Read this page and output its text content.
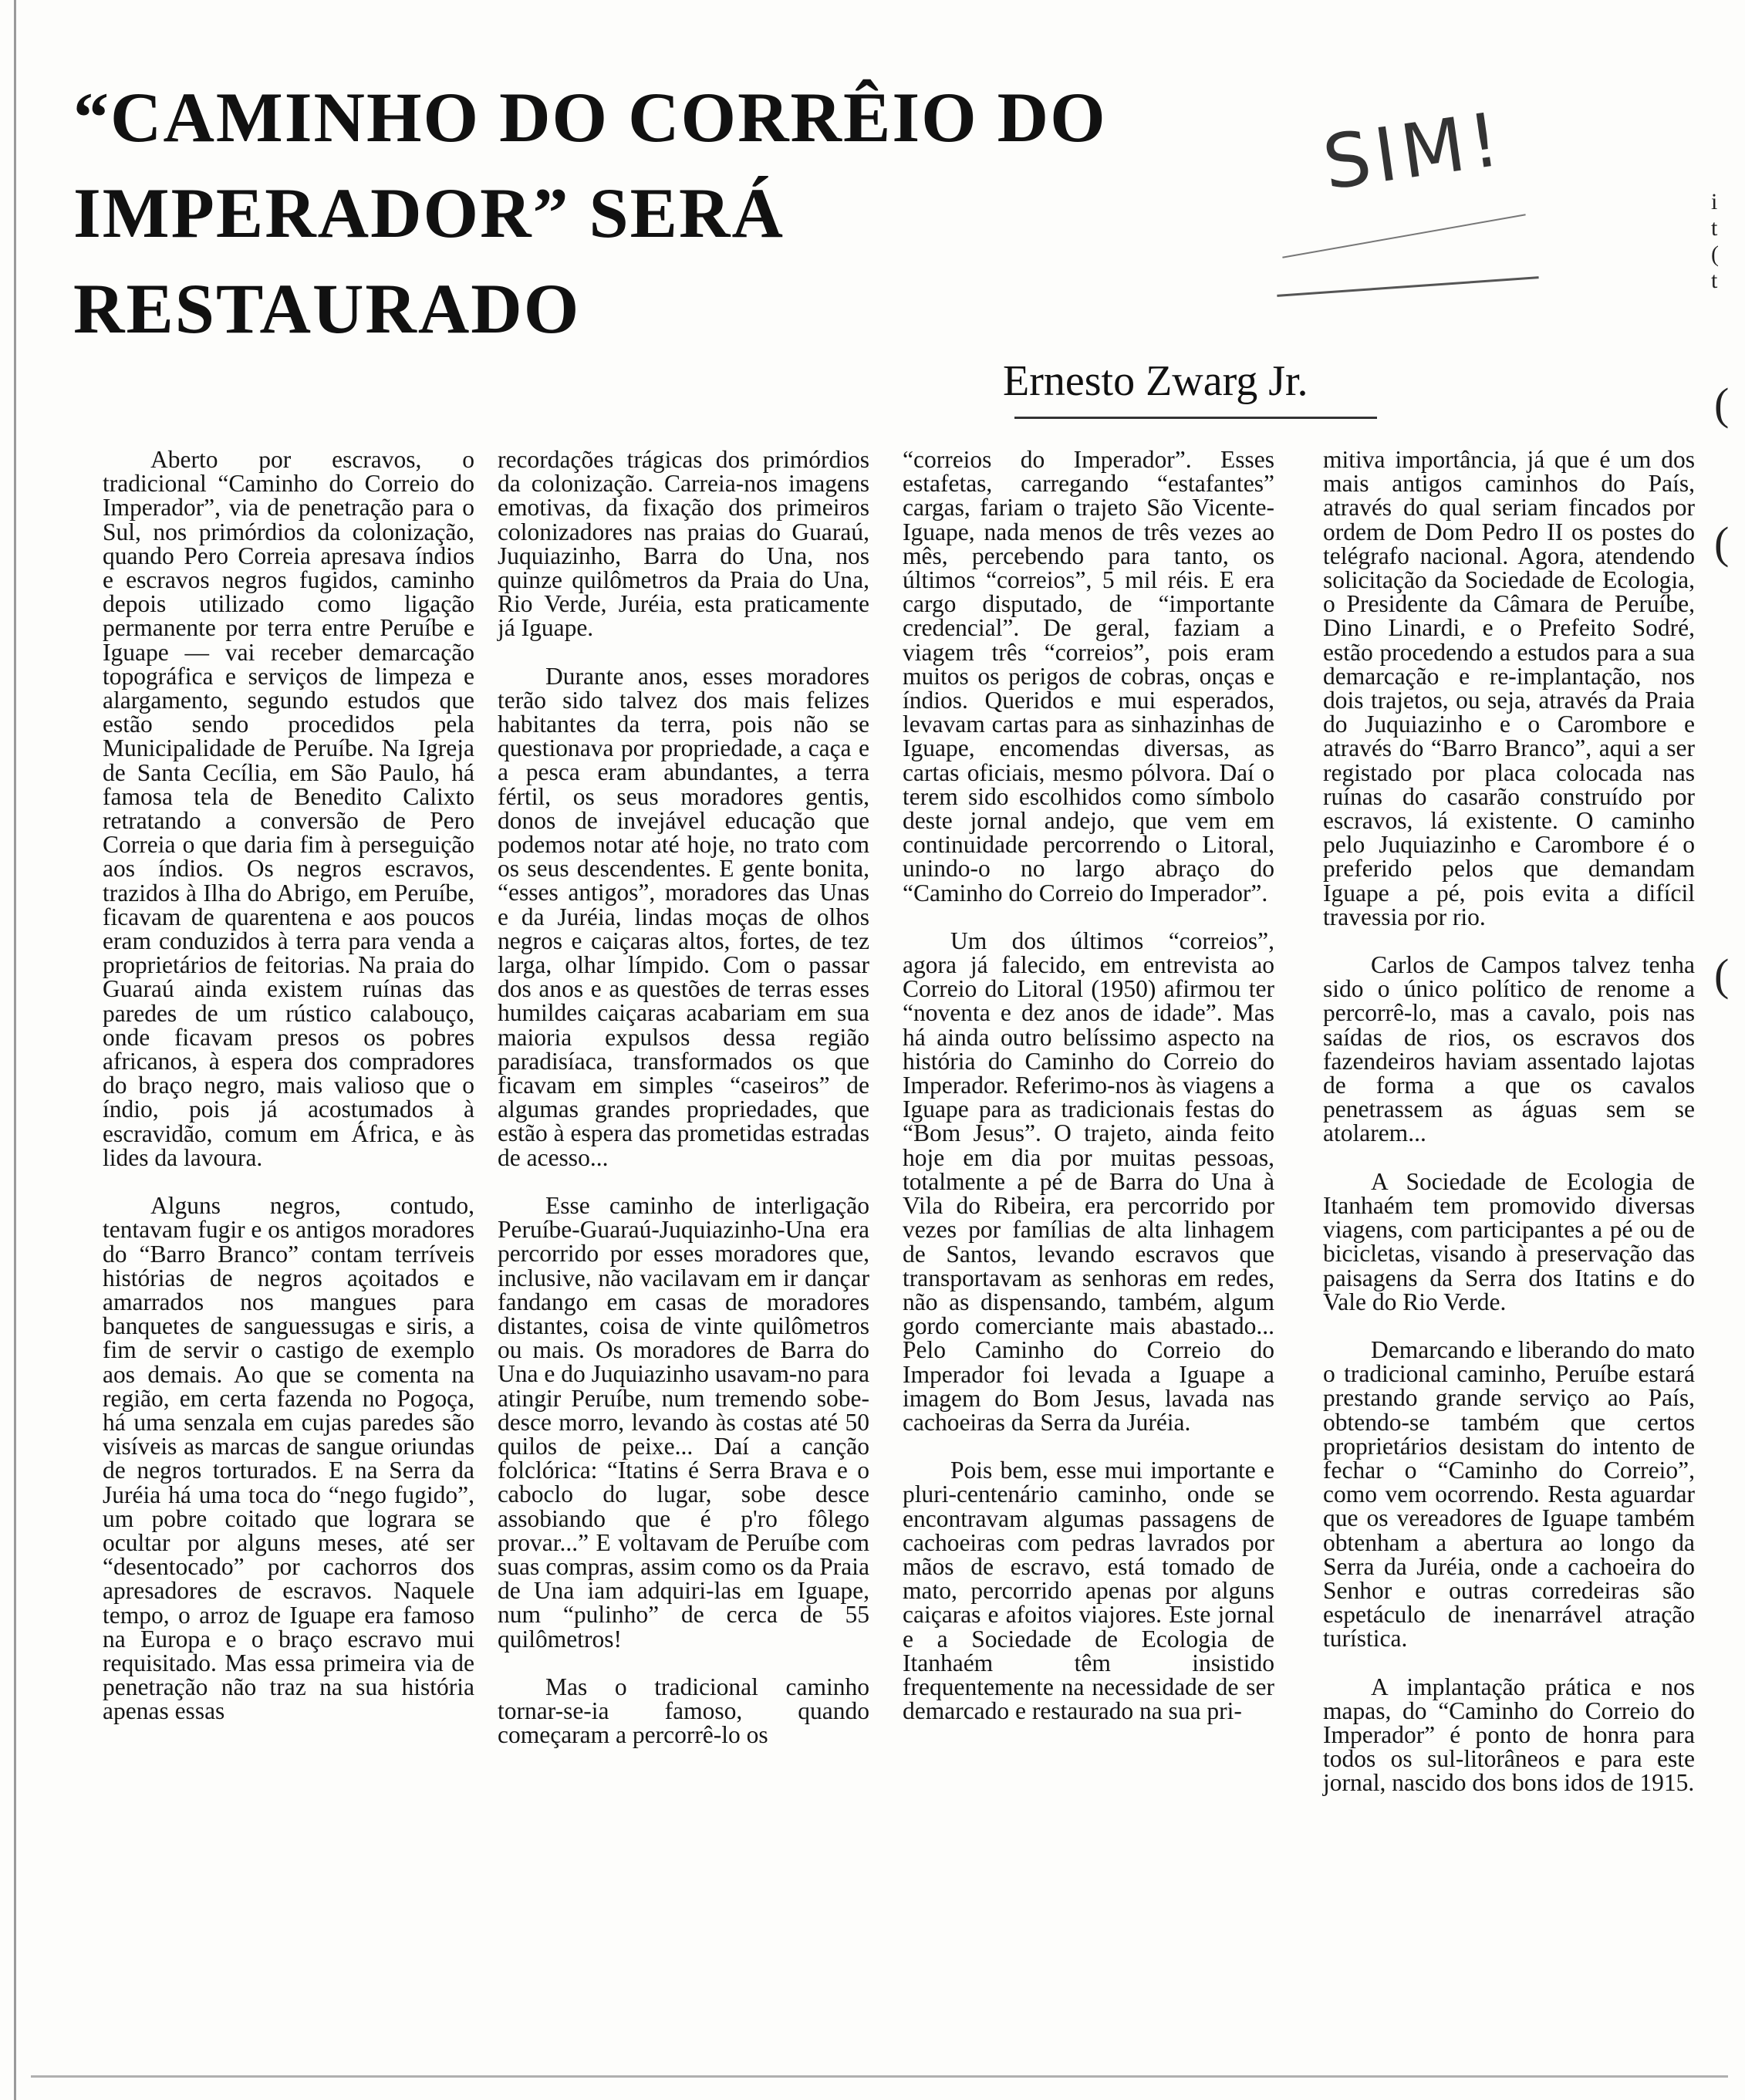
“CAMINHO DO CORRÊIO DO
IMPERADOR” SERÁ
RESTAURADO
SIM!
Ernesto Zwarg Jr.
i
t
(
t
(
(
(

Aberto por escravos, o tradicional “Caminho do Correio do Imperador”, via de penetração para o Sul, nos primórdios da colonização, quando Pero Correia apresava índios e escravos negros fugidos, caminho depois utilizado como ligação permanente por terra entre Peruíbe e Iguape — vai receber demarcação topográfica e serviços de limpeza e alargamento, segundo estudos que estão sendo procedidos pela Municipalidade de Peruíbe. Na Igreja de Santa Cecília, em São Paulo, há famosa tela de Benedito Calixto retratando a conversão de Pero Correia o que daria fim à perseguição aos índios. Os negros escravos, trazidos à Ilha do Abrigo, em Peruíbe, ficavam de quarentena e aos poucos eram conduzidos à terra para venda a proprietários de feitorias. Na praia do Guaraú ainda existem ruínas das paredes de um rústico calabouço, onde ficavam presos os pobres africanos, à espera dos compradores do braço negro, mais valioso que o índio, pois já acostumados à escravidão, comum em África, e às lides da lavoura.

Alguns negros, contudo, tentavam fugir e os antigos moradores do “Barro Branco” contam terríveis histórias de negros açoitados e amarrados nos mangues para banquetes de sanguessugas e siris, a fim de servir o castigo de exemplo aos demais. Ao que se comenta na região, em certa fazenda no Pogoça, há uma senzala em cujas paredes são visíveis as marcas de sangue oriundas de negros torturados. E na Serra da Juréia há uma toca do “nego fugido”, um pobre coitado que lograra se ocultar por alguns meses, até ser “desentocado” por cachorros dos apresadores de escravos. Naquele tempo, o arroz de Iguape era famoso na Europa e o braço escravo mui requisitado. Mas essa primeira via de penetração não traz na sua história apenas essas

recordações trágicas dos primórdios da colonização. Carreia-nos imagens emotivas, da fixação dos primeiros colonizadores nas praias do Guaraú, Juquiazinho, Barra do Una, nos quinze quilômetros da Praia do Una, Rio Verde, Juréia, esta praticamente já Iguape.

Durante anos, esses moradores terão sido talvez dos mais felizes habitantes da terra, pois não se questionava por propriedade, a caça e a pesca eram abundantes, a terra fértil, os seus moradores gentis, donos de invejável educação que podemos notar até hoje, no trato com os seus descendentes. E gente bonita, “esses antigos”, moradores das Unas e da Juréia, lindas moças de olhos negros e caiçaras altos, fortes, de tez larga, olhar límpido. Com o passar dos anos e as questões de terras esses humildes caiçaras acabariam em sua maioria expulsos dessa região paradisíaca, transformados os que ficavam em simples “caseiros” de algumas grandes propriedades, que estão à espera das prometidas estradas de acesso...

Esse caminho de interligação Peruíbe-Guaraú-Juquiazinho-Una era percorrido por esses moradores que, inclusive, não vacilavam em ir dançar fandango em casas de moradores distantes, coisa de vinte quilômetros ou mais. Os moradores de Barra do Una e do Juquiazinho usavam-no para atingir Peruíbe, num tremendo sobe-desce morro, levando às costas até 50 quilos de peixe... Daí a canção folclórica: “Itatins é Serra Brava e o caboclo do lugar, sobe desce assobiando que é p'ro fôlego provar...” E voltavam de Peruíbe com suas compras, assim como os da Praia de Una iam adquiri-las em Iguape, num “pulinho” de cerca de 55 quilômetros!

Mas o tradicional caminho tornar-se-ia famoso, quando começaram a percorrê-lo os

“correios do Imperador”. Esses estafetas, carregando “estafantes” cargas, fariam o trajeto São Vicente-Iguape, nada menos de três vezes ao mês, percebendo para tanto, os últimos “correios”, 5 mil réis. E era cargo disputado, de “importante credencial”. De geral, faziam a viagem três “correios”, pois eram muitos os perigos de cobras, onças e índios. Queridos e mui esperados, levavam cartas para as sinhazinhas de Iguape, encomendas diversas, as cartas oficiais, mesmo pólvora. Daí o terem sido escolhidos como símbolo deste jornal andejo, que vem em continuidade percorrendo o Litoral, unindo-o no largo abraço do “Caminho do Correio do Imperador”.

Um dos últimos “correios”, agora já falecido, em entrevista ao Correio do Litoral (1950) afirmou ter “noventa e dez anos de idade”. Mas há ainda outro belíssimo aspecto na história do Caminho do Correio do Imperador. Referimo-nos às viagens a Iguape para as tradicionais festas do “Bom Jesus”. O trajeto, ainda feito hoje em dia por muitas pessoas, totalmente a pé de Barra do Una à Vila do Ribeira, era percorrido por vezes por famílias de alta linhagem de Santos, levando escravos que transportavam as senhoras em redes, não as dispensando, também, algum gordo comerciante mais abastado... Pelo Caminho do Correio do Imperador foi levada a Iguape a imagem do Bom Jesus, lavada nas cachoeiras da Serra da Juréia.

Pois bem, esse mui importante e pluri-centenário caminho, onde se encontravam algumas passagens de cachoeiras com pedras lavrados por mãos de escravo, está tomado de mato, percorrido apenas por alguns caiçaras e afoitos viajores. Este jornal e a Sociedade de Ecologia de Itanhaém têm insistido frequentemente na necessidade de ser demarcado e restaurado na sua pri-

mitiva importância, já que é um dos mais antigos caminhos do País, através do qual seriam fincados por ordem de Dom Pedro II os postes do telégrafo nacional. Agora, atendendo solicitação da Sociedade de Ecologia, o Presidente da Câmara de Peruíbe, Dino Linardi, e o Prefeito Sodré, estão procedendo a estudos para a sua demarcação e re-implantação, nos dois trajetos, ou seja, através da Praia do Juquiazinho e o Carombore e através do “Barro Branco”, aqui a ser registado por placa colocada nas ruínas do casarão construído por escravos, lá existente. O caminho pelo Juquiazinho e Carombore é o preferido pelos que demandam Iguape a pé, pois evita a difícil travessia por rio.

Carlos de Campos talvez tenha sido o único político de renome a percorrê-lo, mas a cavalo, pois nas saídas de rios, os escravos dos fazendeiros haviam assentado lajotas de forma a que os cavalos penetrassem as águas sem se atolarem...

A Sociedade de Ecologia de Itanhaém tem promovido diversas viagens, com participantes a pé ou de bicicletas, visando à preservação das paisagens da Serra dos Itatins e do Vale do Rio Verde.

Demarcando e liberando do mato o tradicional caminho, Peruíbe estará prestando grande serviço ao País, obtendo-se também que certos proprietários desistam do intento de fechar o “Caminho do Correio”, como vem ocorrendo. Resta aguardar que os vereadores de Iguape também obtenham a abertura ao longo da Serra da Juréia, onde a cachoeira do Senhor e outras corredeiras são espetáculo de inenarrável atração turística.

A implantação prática e nos mapas, do “Caminho do Correio do Imperador” é ponto de honra para todos os sul-litorâneos e para este jornal, nascido dos bons idos de 1915.
